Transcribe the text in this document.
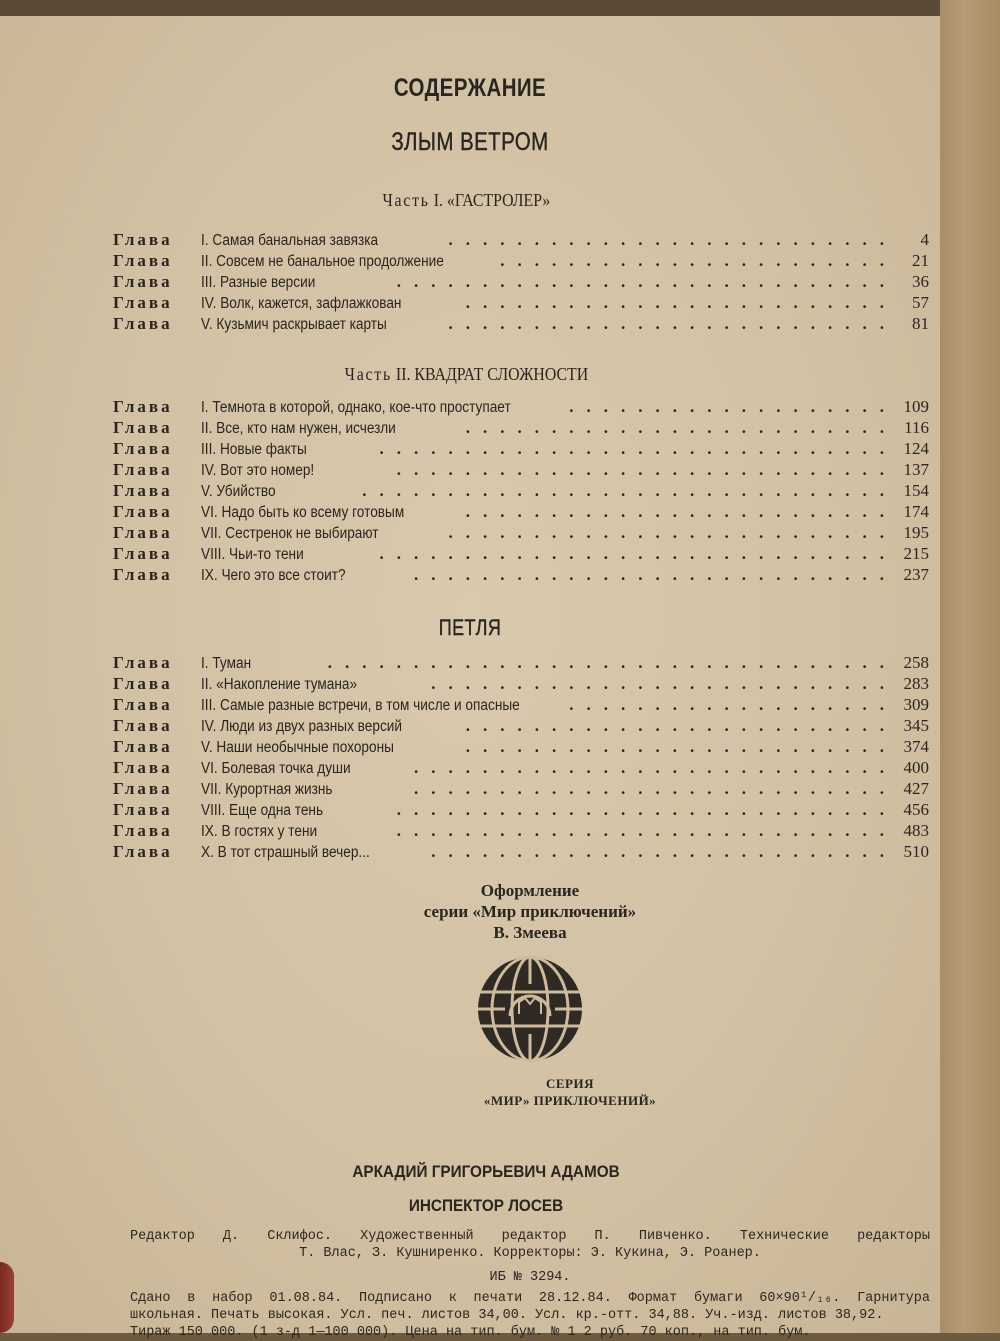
СОДЕРЖАНИЕ
ЗЛЫМ ВЕТРОМ
Часть I. «ГАСТРОЛЕР»
Глава I. Самая банальная завязка	.......................... 4
Глава II. Совсем не банальное продолжение	....................... 21
Глава III. Разные версии	............................. 36
Глава IV. Волк, кажется, зафлажкован	......................... 57
Глава V. Кузьмич раскрывает карты	.......................... 81
Часть II. КВАДРАТ СЛОЖНОСТИ
Глава I. Темнота в которой, однако, кое-что проступает	................... 109
Глава II. Все, кто нам нужен, исчезли	......................... 116
Глава III. Новые факты	.............................. 124
Глава IV. Вот это номер!	............................. 137
Глава V. Убийство	............................... 154
Глава VI. Надо быть ко всему готовым	......................... 174
Глава VII. Сестренок не выбирают	.......................... 195
Глава VIII. Чьи-то тени	.............................. 215
Глава IX. Чего это все стоит?	............................ 237
ПЕТЛЯ
Глава I. Туман	................................. 258
Глава II. «Накопление тумана»	........................... 283
Глава III. Самые разные встречи, в том числе и опасные	................... 309
Глава IV. Люди из двух разных версий	......................... 345
Глава V. Наши необычные похороны	......................... 374
Глава VI. Болевая точка души	............................ 400
Глава VII. Курортная жизнь	............................ 427
Глава VIII. Еще одна тень	............................. 456
Глава IX. В гостях у тени	............................. 483
Глава X. В тот страшный вечер...	........................... 510
Оформление
серии «Мир приключений»
В. Змеева
СЕРИЯ
«МИР» ПРИКЛЮЧЕНИЙ»
АРКАДИЙ ГРИГОРЬЕВИЧ АДАМОВ
ИНСПЕКТОР ЛОСЕВ
Редактор Д. Склифос. Художественный редактор П. Пивченко. Технические редакторы
Т. Влас, З. Кушниренко. Корректоры: Э. Кукина, Э. Роанер.
ИБ № 3294.
Сдано в набор 01.08.84. Подписано к печати 28.12.84. Формат бумаги 60×90¹/₁₆. Гарнитура
школьная. Печать высокая. Усл. печ. листов 34,00. Усл. кр.-отт. 34,88. Уч.-изд. листов 38,92.
Тираж 150 000. (1 з-д 1—100 000). Цена на тип. бум. № 1 2 руб. 70 коп., на тип. бум.
